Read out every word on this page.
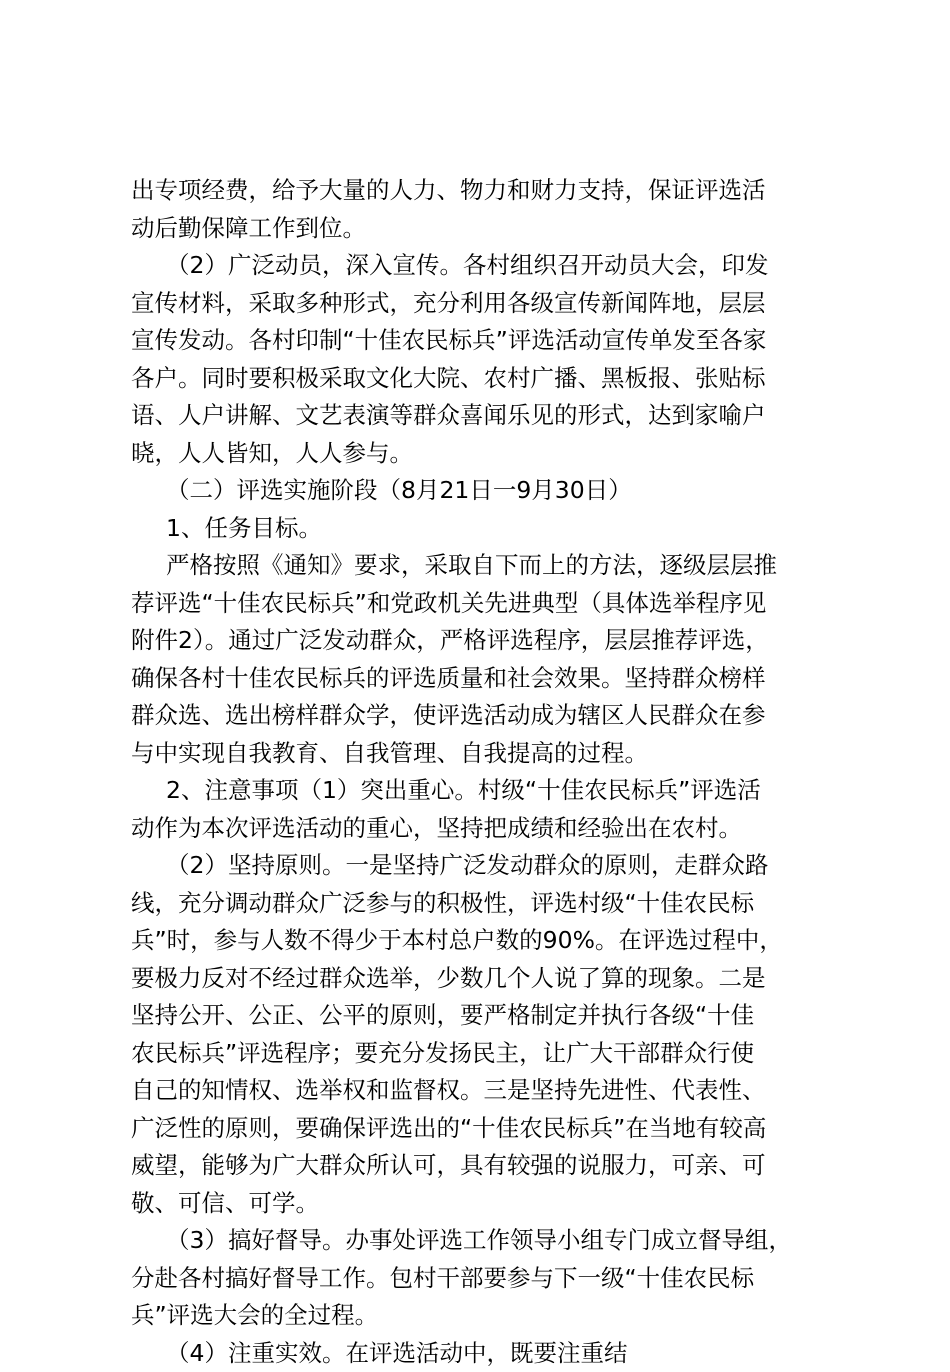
出专项经费，给予大量的人力、物力和财力支持，保证评选活
动后勤保障工作到位。
（2）广泛动员，深入宣传。各村组织召开动员大会，印发
宣传材料，采取多种形式，充分利用各级宣传新闻阵地，层层
宣传发动。各村印制“十佳农民标兵”评选活动宣传单发至各家
各户。同时要积极采取文化大院、农村广播、黑板报、张贴标
语、人户讲解、文艺表演等群众喜闻乐见的形式，达到家喻户
晓，人人皆知，人人参与。
（二）评选实施阶段（8月21日一9月30日）
1、任务目标。
严格按照《通知》要求，采取自下而上的方法，逐级层层推
荐评选“十佳农民标兵”和党政机关先进典型（具体选举程序见
附件2）。通过广泛发动群众，严格评选程序，层层推荐评选，
确保各村十佳农民标兵的评选质量和社会效果。坚持群众榜样
群众选、选出榜样群众学，使评选活动成为辖区人民群众在参
与中实现自我教育、自我管理、自我提高的过程。
2、注意事项（1）突出重心。村级“十佳农民标兵”评选活
动作为本次评选活动的重心，坚持把成绩和经验出在农村。
（2）坚持原则。一是坚持广泛发动群众的原则，走群众路
线，充分调动群众广泛参与的积极性，评选村级“十佳农民标
兵”时，参与人数不得少于本村总户数的90%。在评选过程中，
要极力反对不经过群众选举，少数几个人说了算的现象。二是
坚持公开、公正、公平的原则，要严格制定并执行各级“十佳
农民标兵”评选程序；要充分发扬民主，让广大干部群众行使
自己的知情权、选举权和监督权。三是坚持先进性、代表性、
广泛性的原则，要确保评选出的“十佳农民标兵”在当地有较高
威望，能够为广大群众所认可，具有较强的说服力，可亲、可
敬、可信、可学。
（3）搞好督导。办事处评选工作领导小组专门成立督导组，
分赴各村搞好督导工作。包村干部要参与下一级“十佳农民标
兵”评选大会的全过程。
（4）注重实效。在评选活动中，既要注重结
